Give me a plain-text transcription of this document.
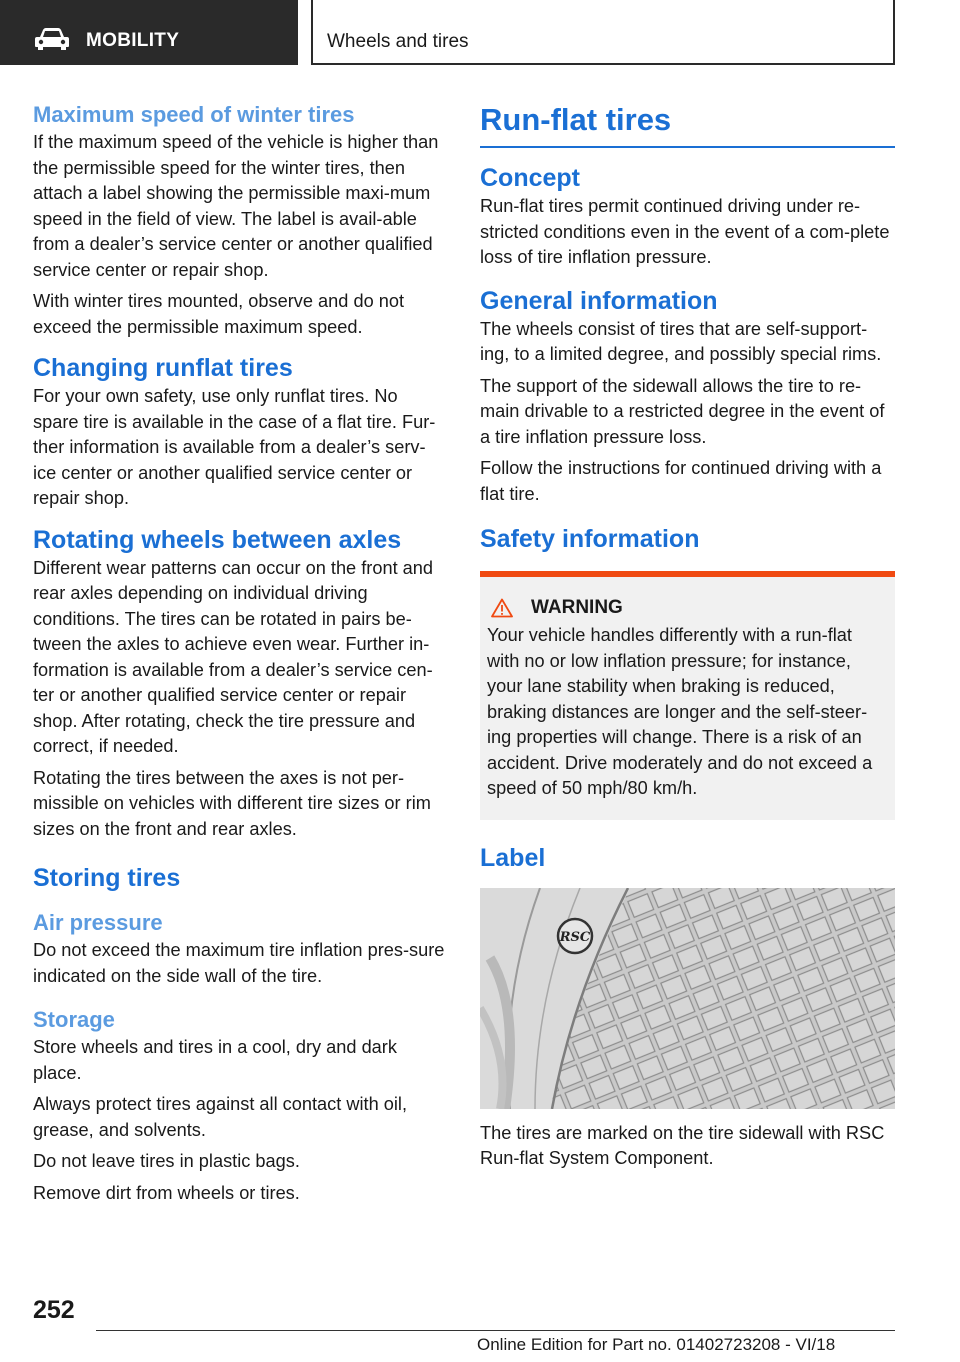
MOBILITY	Wheels and tires
Maximum speed of winter tires

If the maximum speed of the vehicle is higher than the permissible speed for the winter tires, then attach a label showing the permissible maxi‐mum speed in the field of view. The label is avail‐able from a dealer’s service center or another qualified service center or repair shop.

With winter tires mounted, observe and do not exceed the permissible maximum speed.

Changing runflat tires

For your own safety, use only runflat tires. No spare tire is available in the case of a flat tire. Fur‐ther information is available from a dealer’s serv‐ice center or another qualified service center or repair shop.

Rotating wheels between axles

Different wear patterns can occur on the front and rear axles depending on individual driving conditions. The tires can be rotated in pairs be‐tween the axles to achieve even wear. Further in‐formation is available from a dealer’s service cen‐ter or another qualified service center or repair shop. After rotating, check the tire pressure and correct, if needed.

Rotating the tires between the axes is not per‐missible on vehicles with different tire sizes or rim sizes on the front and rear axles.

Storing tires
Air pressure

Do not exceed the maximum tire inflation pres‐sure indicated on the side wall of the tire.

Storage

Store wheels and tires in a cool, dry and dark place.

Always protect tires against all contact with oil, grease, and solvents.

Do not leave tires in plastic bags.

Remove dirt from wheels or tires.

Run-flat tires
Concept

Run-flat tires permit continued driving under re‐stricted conditions even in the event of a com‐plete loss of tire inflation pressure.

General information

The wheels consist of tires that are self-support‐ing, to a limited degree, and possibly special rims.

The support of the sidewall allows the tire to re‐main drivable to a restricted degree in the event of a tire inflation pressure loss.

Follow the instructions for continued driving with a flat tire.

Safety information
WARNING

Your vehicle handles differently with a run-flat with no or low inflation pressure; for instance, your lane stability when braking is reduced, braking distances are longer and the self-steer‐ing properties will change. There is a risk of an accident. Drive moderately and do not exceed a speed of 50 mph/80 km/h.

Label
RSC

The tires are marked on the tire sidewall with RSC Run-flat System Component.

252
Online Edition for Part no. 01402723208 - VI/18
